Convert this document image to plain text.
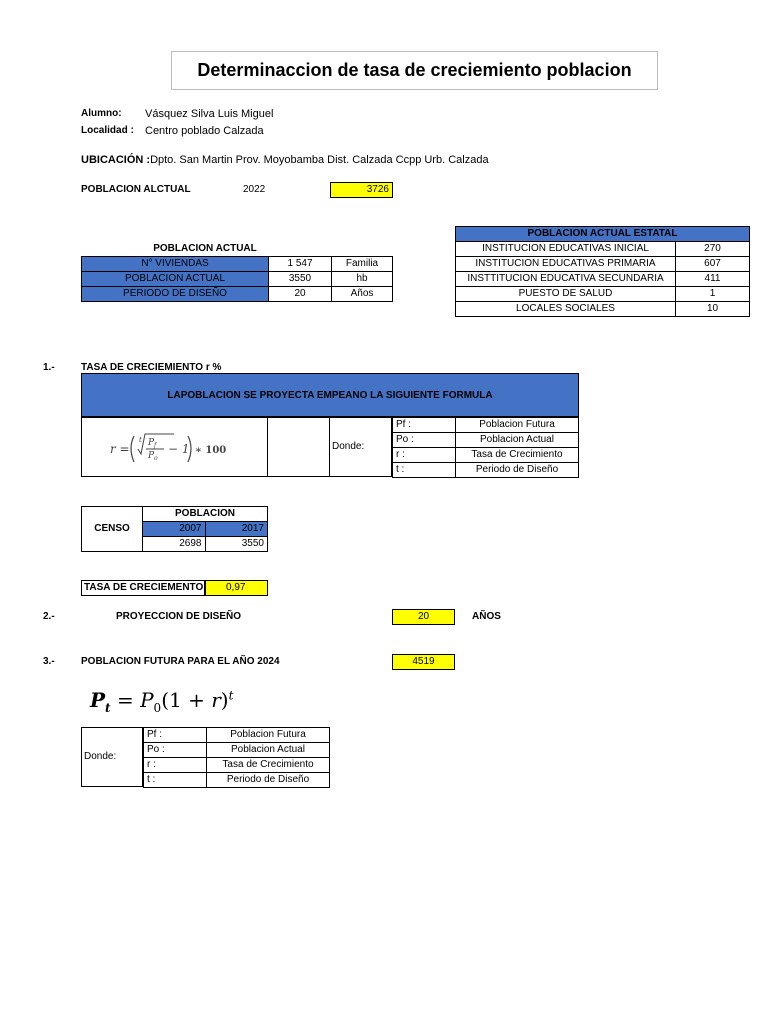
Determinaccion de tasa de creciemiento poblacion
Alumno: Vásquez Silva Luis Miguel
Localidad : Centro poblado Calzada
UBICACIÓN :Dpto. San Martin Prov. Moyobamba Dist. Calzada Ccpp Urb. Calzada
POBLACION ALCTUAL	2022	3726
POBLACION ACTUAL
N° VIVIENDAS	1 547	Familia
POBLACION ACTUAL	3550	hb
PERIODO DE DISEÑO	20	Años
POBLACION ACTUAL ESTATAL	
INSTITUCION EDUCATIVAS INICIAL	270
INSTITUCION EDUCATIVAS PRIMARIA	607
INSTTITUCION EDUCATIVA SECUNDARIA	411
PUESTO DE SALUD	1
LOCALES SOCIALES	10
1.-	TASA DE CRECIEMIENTO r %
LAPOBLACION SE PROYECTA EMPEANO LA SIGUIENTE FORMULA
r =
t P f
P o
− 1 ∗ 100	Donde:
Pf :	Poblacion Futura
Po :	Poblacion Actual
r :	Tasa de Crecimiento
t :	Periodo de Diseño
CENSO	POBLACION	
	2007	2017
	2698	3550
TASA DE CRECIEMENTO	0,97
2.-	PROYECCION DE DISEÑO	20	AÑOS
3.-	POBLACION FUTURA PARA EL AÑO 2024	4519
$P_t = P_0(1 + r)^t$
Donde:
Pf :	Poblacion Futura
Po :	Poblacion Actual
r :	Tasa de Crecimiento
t :	Periodo de Diseño
